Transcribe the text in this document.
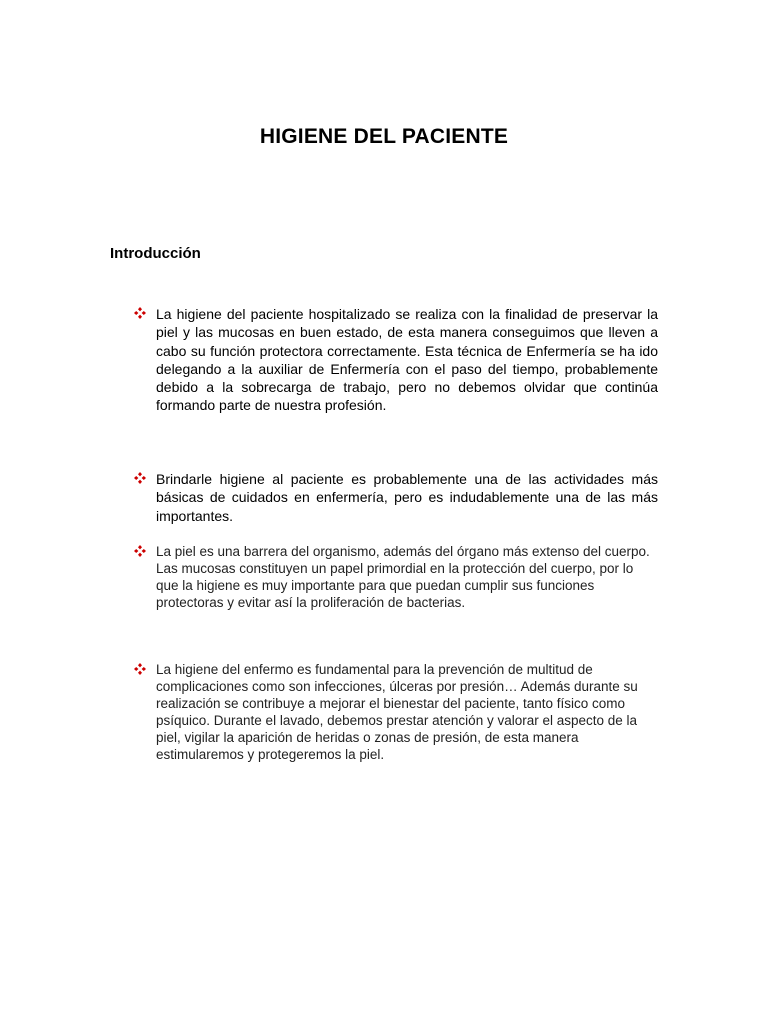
HIGIENE DEL PACIENTE
Introducción
La higiene del paciente hospitalizado se realiza con la finalidad de preservar la piel y las mucosas en buen estado, de esta manera conseguimos que lleven a cabo su función protectora correctamente. Esta técnica de Enfermería se ha ido delegando a la auxiliar de Enfermería con el paso del tiempo, probablemente debido a la sobrecarga de trabajo, pero no debemos olvidar que continúa formando parte de nuestra profesión.
Brindarle higiene al paciente es probablemente una de las actividades más básicas de cuidados en enfermería, pero es indudablemente una de las más importantes.
La piel es una barrera del organismo, además del órgano más extenso del cuerpo. Las mucosas constituyen un papel primordial en la protección del cuerpo, por lo que la higiene es muy importante para que puedan cumplir sus funciones protectoras y evitar así la proliferación de bacterias.
La higiene del enfermo es fundamental para la prevención de multitud de complicaciones como son infecciones, úlceras por presión… Además durante su realización se contribuye a mejorar el bienestar del paciente, tanto físico como psíquico. Durante el lavado, debemos prestar atención y valorar el aspecto de la piel, vigilar la aparición de heridas o zonas de presión, de esta manera estimularemos y protegeremos la piel.
